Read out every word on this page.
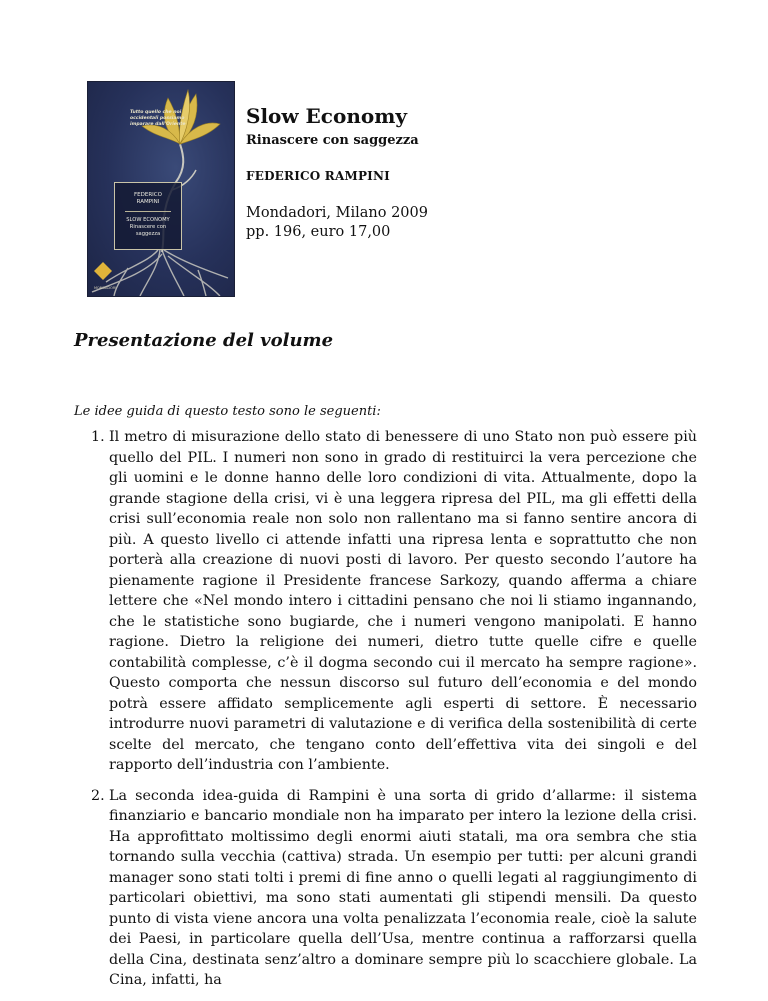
Tutto quello che noi occidentali possiamo imparare dall'Oriente
FEDERICO
RAMPINI
SLOW ECONOMY
Rinascere con
saggezza
MONDADORI
Slow Economy
Rinascere con saggezza
FEDERICO RAMPINI
Mondadori, Milano 2009
pp. 196, euro 17,00
Presentazione del volume

Le idee guida di questo testo sono le seguenti:

1. Il metro di misurazione dello stato di benessere di uno Stato non può essere più quello del PIL. I numeri non sono in grado di restituirci la vera percezione che gli uomini e le donne hanno delle loro condizioni di vita. Attualmente, dopo la grande stagione della crisi, vi è una leggera ripresa del PIL, ma gli effetti della crisi sull’economia reale non solo non rallentano ma si fanno sentire ancora di più. A questo livello ci attende infatti una ripresa lenta e soprattutto che non porterà alla creazione di nuovi posti di lavoro. Per questo secondo l’autore ha pienamente ragione il Presidente francese Sarkozy, quando afferma a chiare lettere che «Nel mondo intero i cittadini pensano che noi li stiamo ingannando, che le statistiche sono bugiarde, che i numeri vengono manipolati. E hanno ragione. Dietro la religione dei numeri, dietro tutte quelle cifre e quelle contabilità complesse, c’è il dogma secondo cui il mercato ha sempre ragione». Questo comporta che nessun discorso sul futuro dell’economia e del mondo potrà essere affidato semplicemente agli esperti di settore. È necessario introdurre nuovi parametri di valutazione e di verifica della sostenibilità di certe scelte del mercato, che tengano conto dell’effettiva vita dei singoli e del rapporto dell’industria con l’ambiente.
2. La seconda idea-guida di Rampini è una sorta di grido d’allarme: il sistema finanziario e bancario mondiale non ha imparato per intero la lezione della crisi. Ha approfittato moltissimo degli enormi aiuti statali, ma ora sembra che stia tornando sulla vecchia (cattiva) strada. Un esempio per tutti: per alcuni grandi manager sono stati tolti i premi di fine anno o quelli legati al raggiungimento di particolari obiettivi, ma sono stati aumentati gli stipendi mensili. Da questo punto di vista viene ancora una volta penalizzata l’economia reale, cioè la salute dei Paesi, in particolare quella dell’Usa, mentre continua a rafforzarsi quella della Cina, destinata senz’altro a dominare sempre più lo scacchiere globale. La Cina, infatti, ha
